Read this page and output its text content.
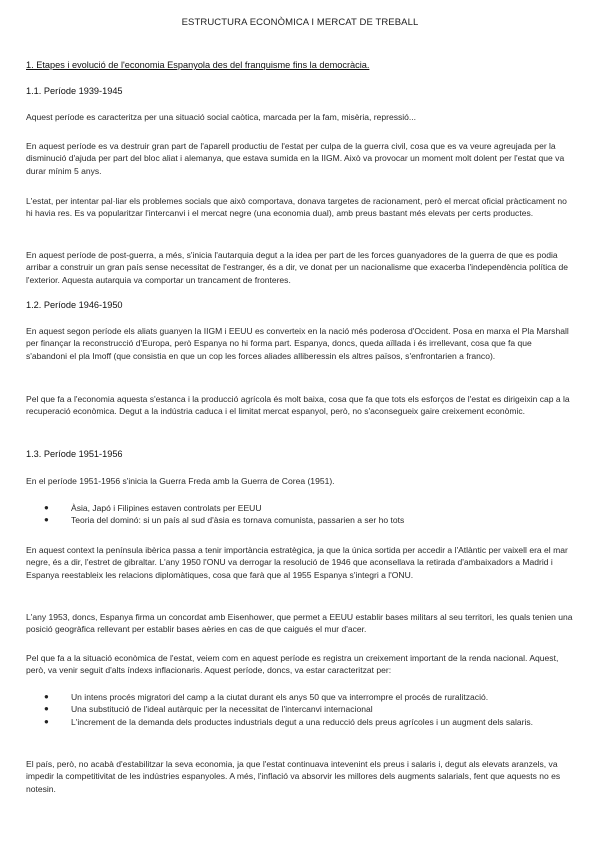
ESTRUCTURA ECONÒMICA I MERCAT DE TREBALL
1. Etapes i evolució de l'economia Espanyola des del franquisme fins la democràcia.
1.1. Període 1939-1945

Aquest període es caracteritza per una situació social caòtica, marcada per la fam, misèria, repressió...

En aquest període es va destruir gran part de l'aparell productiu de l'estat per culpa de la guerra civil, cosa que es va veure agreujada per la disminució d'ajuda per part del bloc aliat i alemanya, que estava sumida en la IIGM. Això va provocar un moment molt dolent per l'estat que va durar mínim 5 anys.

L'estat, per intentar pal·liar els problemes socials que això comportava, donava targetes de racionament, però el mercat oficial pràcticament no hi havia res. Es va popularitzar l'intercanvi i el mercat negre (una economia dual), amb preus bastant més elevats per certs productes.

En aquest període de post-guerra, a més, s'inicia l'autarquia degut a la idea per part de les forces guanyadores de la guerra de que es podia arribar a construir un gran país sense necessitat de l'estranger, és a dir, ve donat per un nacionalisme que exacerba l'independència política de l'exterior. Aquesta autarquia va comportar un trancament de fronteres.

1.2. Període 1946-1950

En aquest segon període els aliats guanyen la IIGM i EEUU es converteix en la nació més poderosa d'Occident. Posa en marxa el Pla Marshall per finançar la reconstrucció d'Europa, però Espanya no hi forma part. Espanya, doncs, queda aïllada i és irrellevant, cosa que fa que s'abandoni el pla Imoff (que consistia en que un cop les forces aliades alliberessin els altres països, s'enfrontarien a franco).

Pel que fa a l'economia aquesta s'estanca i la producció agrícola és molt baixa, cosa que fa que tots els esforços de l'estat es dirigeixin cap a la recuperació econòmica. Degut a la indústria caduca i el limitat mercat espanyol, però, no s'aconsegueix gaire creixement econòmic.

1.3. Període 1951-1956

En el període 1951-1956 s'inicia la Guerra Freda amb la Guerra de Corea (1951).

●	Àsia, Japó i Filipines estaven controlats per EEUU
●	Teoria del dominó: si un país al sud d'àsia es tornava comunista, passarien a ser ho tots

En aquest context la península ibèrica passa a tenir importància estratègica, ja que la única sortida per accedir a l'Atlàntic per vaixell era el mar negre, és a dir, l'estret de gibraltar. L'any 1950 l'ONU va derrogar la resolució de 1946 que aconsellava la retirada d'ambaixadors a Madrid i Espanya reestableix les relacions diplomàtiques, cosa que farà que al 1955 Espanya s'integri a l'ONU.

L'any 1953, doncs, Espanya firma un concordat amb Eisenhower, que permet a EEUU establir bases militars al seu territori, les quals tenien una posició geogràfica rellevant per establir bases aèries en cas de que caigués el mur d'acer.

Pel que fa a la situació econòmica de l'estat, veiem com en aquest període es registra un creixement important de la renda nacional. Aquest, però, va venir seguit d'alts índexs inflacionaris. Aquest període, doncs, va estar caracteritzat per:

●	Un intens procés migratori del camp a la ciutat durant els anys 50 que va interrompre el procés de ruralització.
●	Una substitució de l'ideal autàrquic per la necessitat de l'intercanvi internacional
●	L'increment de la demanda dels productes industrials degut a una reducció dels preus agrícoles i un augment dels salaris.

El país, però, no acabà d'estabilitzar la seva economia, ja que l'estat continuava intevenint els preus i salaris i, degut als elevats aranzels, va impedir la competitivitat de les indústries espanyoles. A més, l'inflació va absorvir les millores dels augments salarials, fent que aquests no es notesin.
